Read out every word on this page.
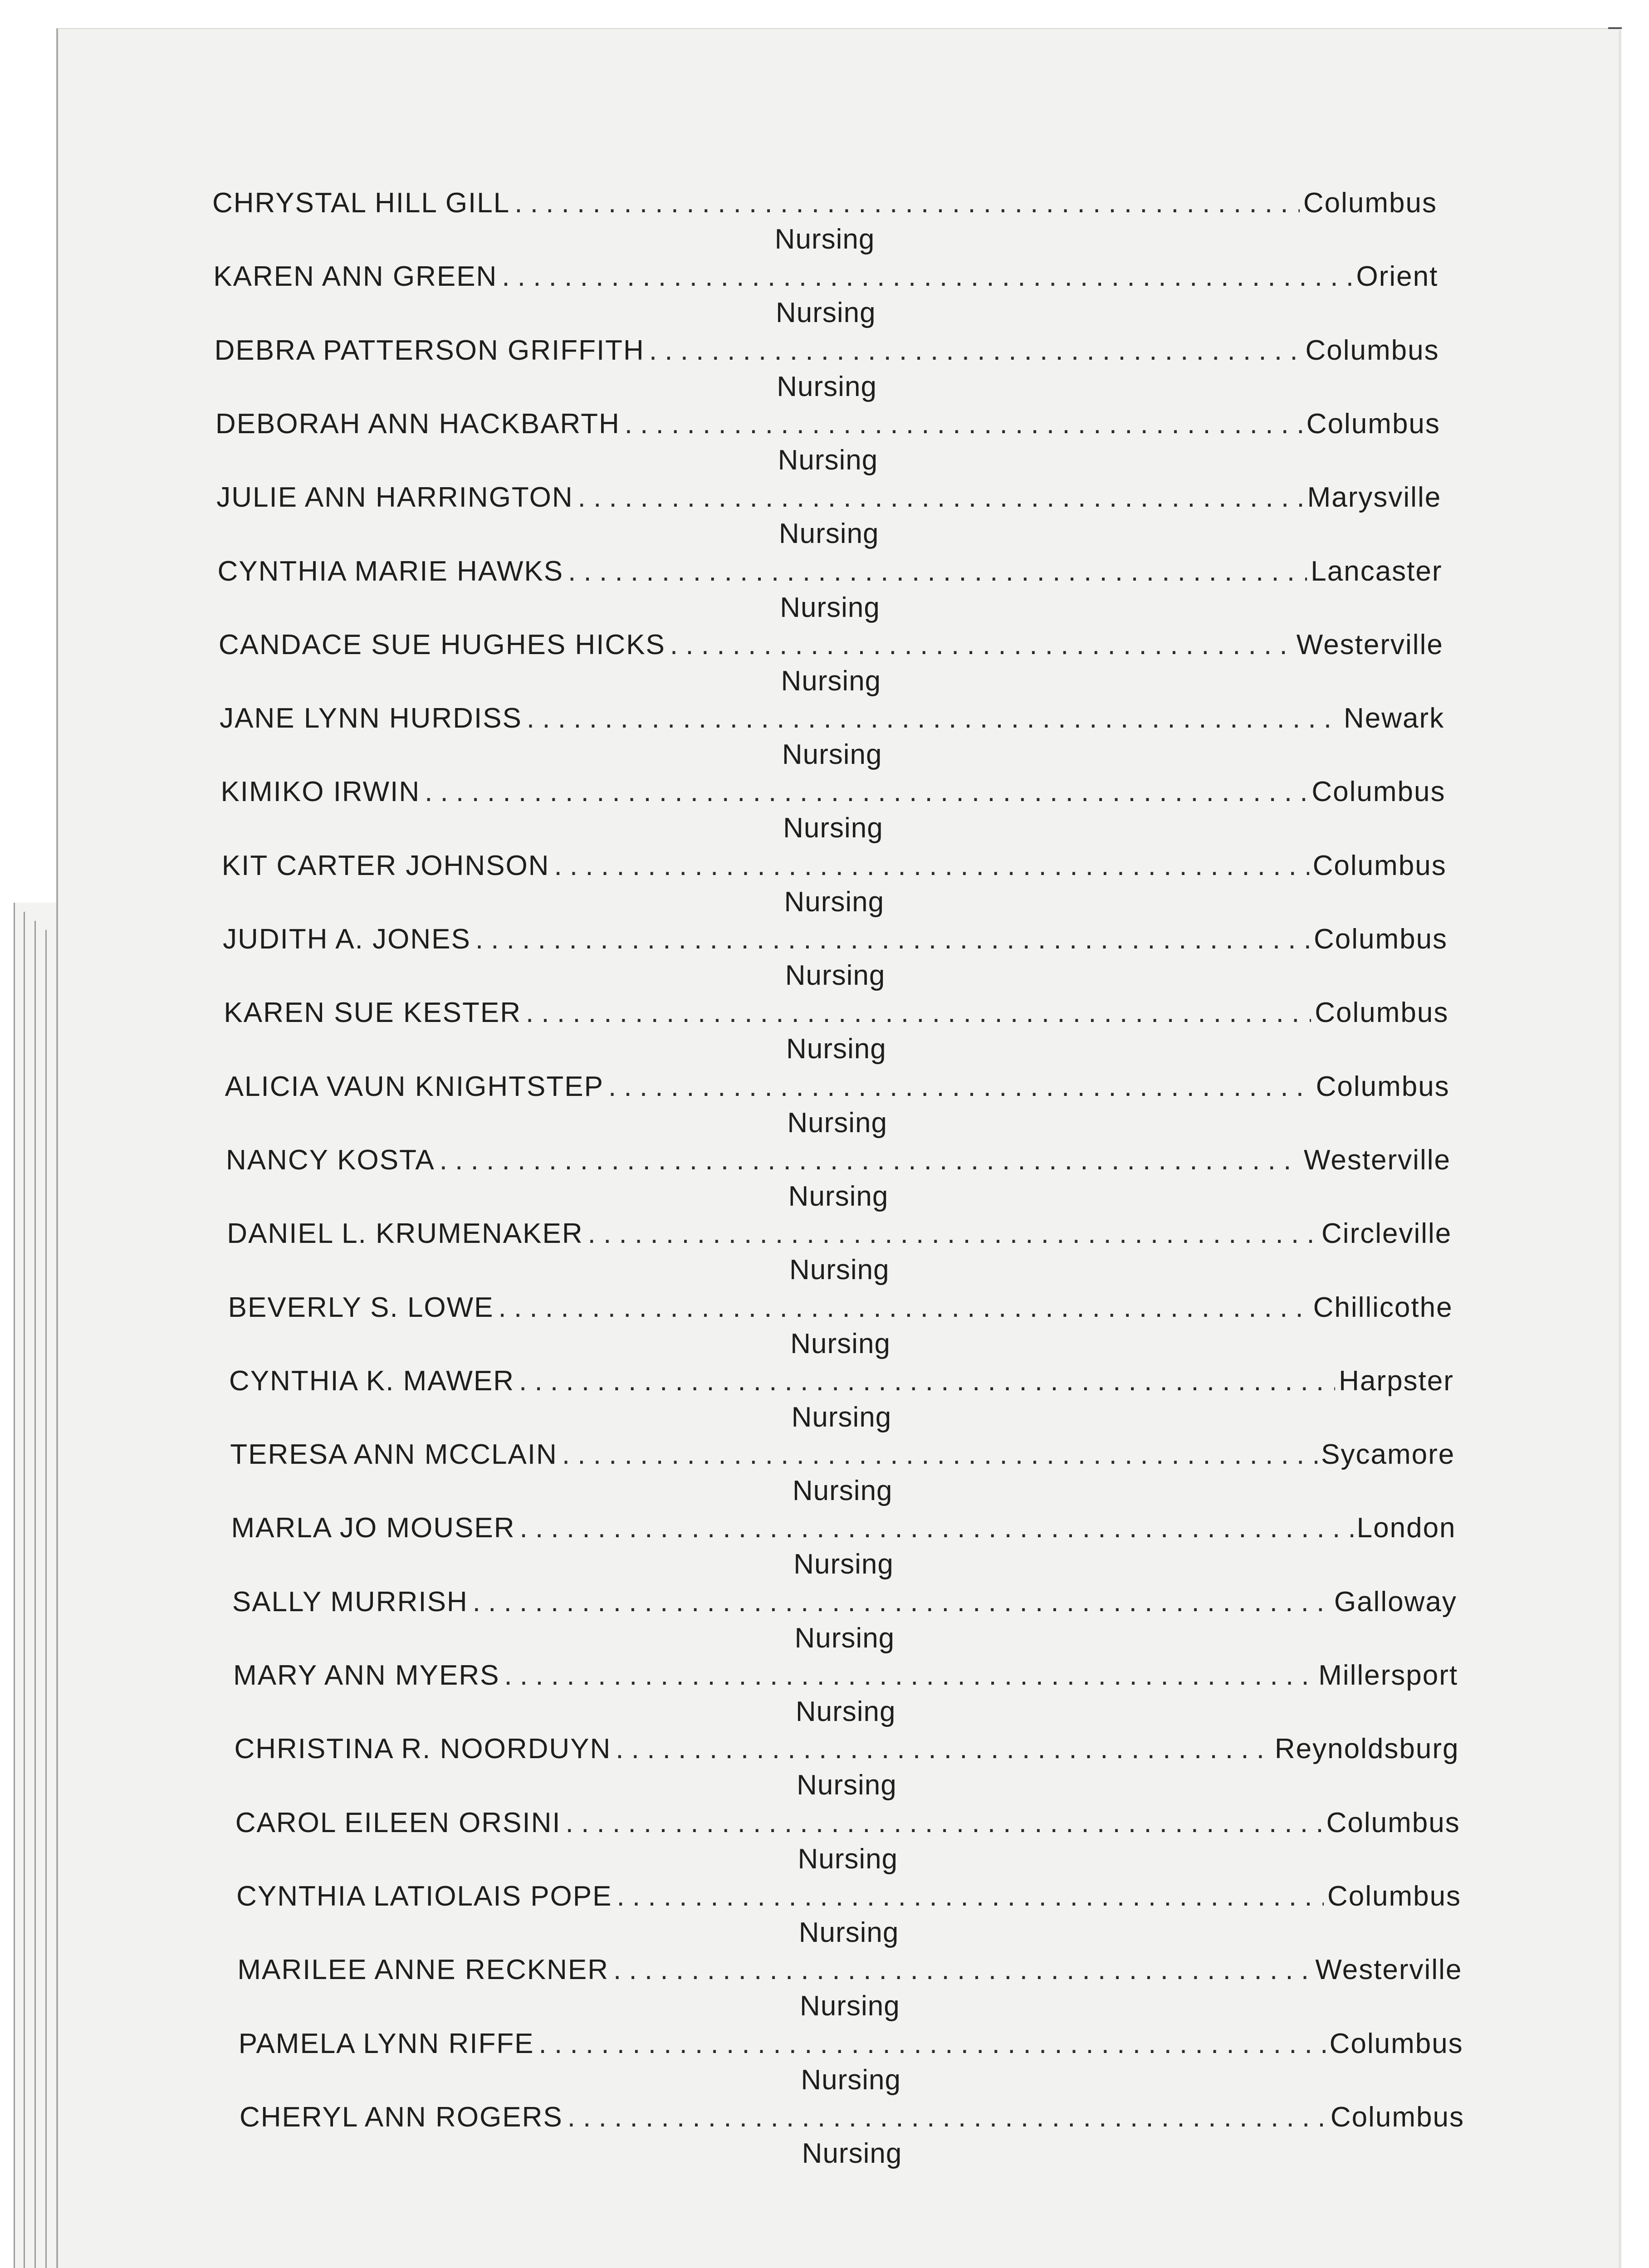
CHRYSTAL HILL GILL . . .	Columbus
Nursing
KAREN ANN GREEN . . .	Orient
Nursing
DEBRA PATTERSON GRIFFITH . . .	Columbus
Nursing
DEBORAH ANN HACKBARTH . . .	Columbus
Nursing
JULIE ANN HARRINGTON . . .	Marysville
Nursing
CYNTHIA MARIE HAWKS . . .	Lancaster
Nursing
CANDACE SUE HUGHES HICKS . . .	Westerville
Nursing
JANE LYNN HURDISS . . .	Newark
Nursing
KIMIKO IRWIN . . .	Columbus
Nursing
KIT CARTER JOHNSON . . .	Columbus
Nursing
JUDITH A. JONES . . .	Columbus
Nursing
KAREN SUE KESTER . . .	Columbus
Nursing
ALICIA VAUN KNIGHTSTEP . . .	Columbus
Nursing
NANCY KOSTA . . .	Westerville
Nursing
DANIEL L. KRUMENAKER . . .	Circleville
Nursing
BEVERLY S. LOWE . . .	Chillicothe
Nursing
CYNTHIA K. MAWER . . .	Harpster
Nursing
TERESA ANN MCCLAIN . . .	Sycamore
Nursing
MARLA JO MOUSER . . .	London
Nursing
SALLY MURRISH . . .	Galloway
Nursing
MARY ANN MYERS . . .	Millersport
Nursing
CHRISTINA R. NOORDUYN . . .	Reynoldsburg
Nursing
CAROL EILEEN ORSINI . . .	Columbus
Nursing
CYNTHIA LATIOLAIS POPE . . .	Columbus
Nursing
MARILEE ANNE RECKNER . . .	Westerville
Nursing
PAMELA LYNN RIFFE . . .	Columbus
Nursing
CHERYL ANN ROGERS . . .	Columbus
Nursing
